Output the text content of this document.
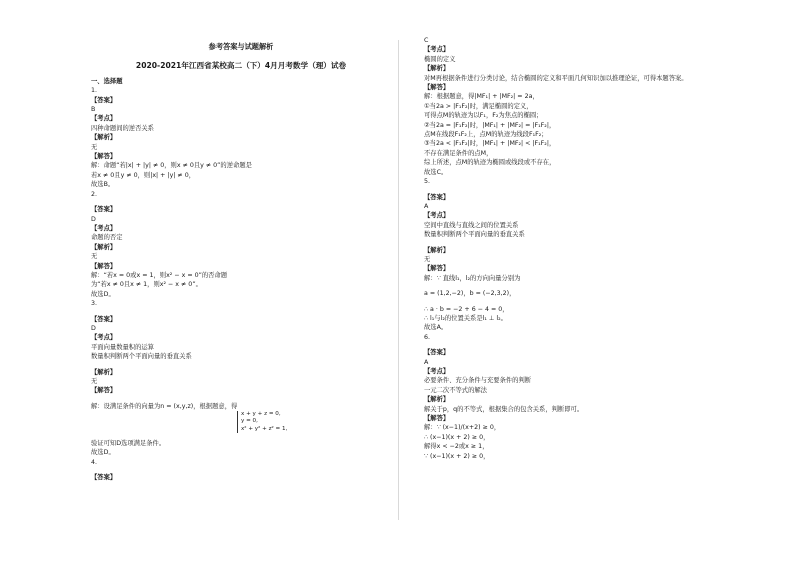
参考答案与试题解析
2020-2021年江西省某校高二（下）4月月考数学（理）试卷
一、选择题
1.
【答案】
B
【考点】
四种命题间的逆否关系
【解析】
无
【解答】
解：命题“若|x| + |y| ≠ 0，则x ≠ 0且y ≠ 0”的逆命题是
若x ≠ 0且y ≠ 0，则|x| + |y| ≠ 0，
故选B。
2.
【答案】
D
【考点】
命题的否定
【解析】
无
【解答】
解：“若x = 0或x = 1，则x² − x = 0”的否命题
为“若x ≠ 0且x ≠ 1，则x² − x ≠ 0”。
故选D。
3.
【答案】
D
【考点】
平面向量数量积的运算
数量积判断两个平面向量的垂直关系
【解析】
无
【解答】
解：设满足条件的向量为n = (x,y,z)，根据题意，得
x + y + z = 0,
y = 0,
x² + y² + z² = 1,
验证可知D选项满足条件。
故选D。
4.
【答案】
C
【考点】
椭圆的定义
【解析】
对M再根据条件进行分类讨论，结合椭圆的定义和平面几何知识加以推理论证，可得本题答案。
【解答】
解：根据题意，得|MF₁| + |MF₂| = 2a，
①当2a > |F₁F₂|时，满足椭圆的定义，
可得点M的轨迹为以F₁，F₂为焦点的椭圆；
②当2a = |F₁F₂|时，|MF₁| + |MF₂| = |F₁F₂|，
点M在线段F₁F₂上，点M的轨迹为线段F₁F₂；
③当2a < |F₁F₂|时，|MF₁| + |MF₂| < |F₁F₂|，
不存在满足条件的点M，
综上所述，点M的轨迹为椭圆或线段或不存在，
故选C。
5.
【答案】
A
【考点】
空间中直线与直线之间的位置关系
数量积判断两个平面向量的垂直关系
【解析】
无
【解答】
解：∵ 直线l₁，l₂的方向向量分别为
a = (1,2,−2)，b = (−2,3,2)，
∴ a · b = −2 + 6 − 4 = 0，
∴ l₁与l₂的位置关系是l₁ ⊥ l₂。
故选A。
6.
【答案】
A
【考点】
必要条件、充分条件与充要条件的判断
一元二次不等式的解法
【解析】
解关于p，q的不等式，根据集合的包含关系，判断即可。
【解答】
解：∵ (x−1)/(x+2) ≥ 0，
∴ (x−1)(x + 2) ≥ 0，
解得x < −2或x ≥ 1，
∵ (x−1)(x + 2) ≥ 0，
